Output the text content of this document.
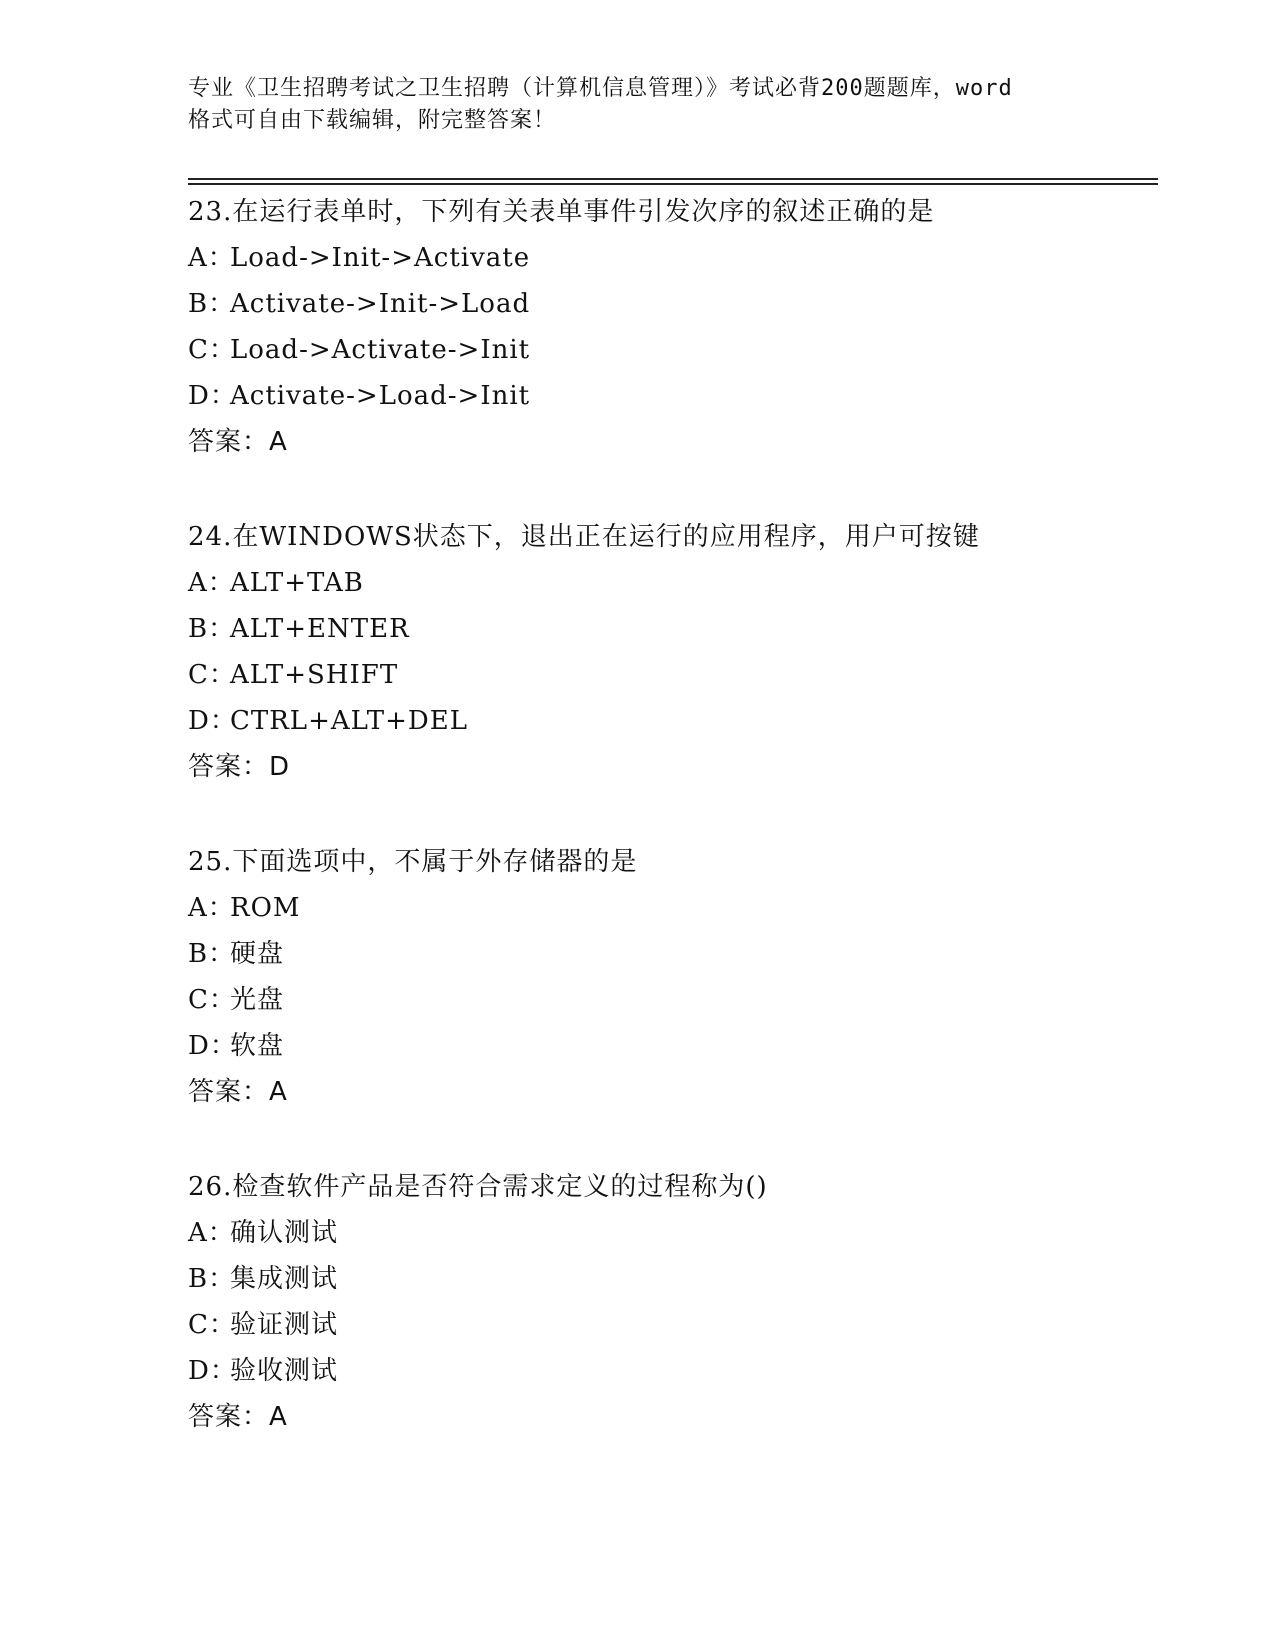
专业《卫生招聘考试之卫生招聘（计算机信息管理）》考试必背200题题库，word
格式可自由下载编辑，附完整答案！
23.在运行表单时，下列有关表单事件引发次序的叙述正确的是
A：Load->Init->Activate
B：Activate->Init->Load
C：Load->Activate->Init
D：Activate->Load->Init
答案：A
24.在WINDOWS状态下，退出正在运行的应用程序，用户可按键
A：ALT+TAB
B：ALT+ENTER
C：ALT+SHIFT
D：CTRL+ALT+DEL
答案：D
25.下面选项中，不属于外存储器的是
A：ROM
B：硬盘
C：光盘
D：软盘
答案：A
26.检查软件产品是否符合需求定义的过程称为()
A：确认测试
B：集成测试
C：验证测试
D：验收测试
答案：A
